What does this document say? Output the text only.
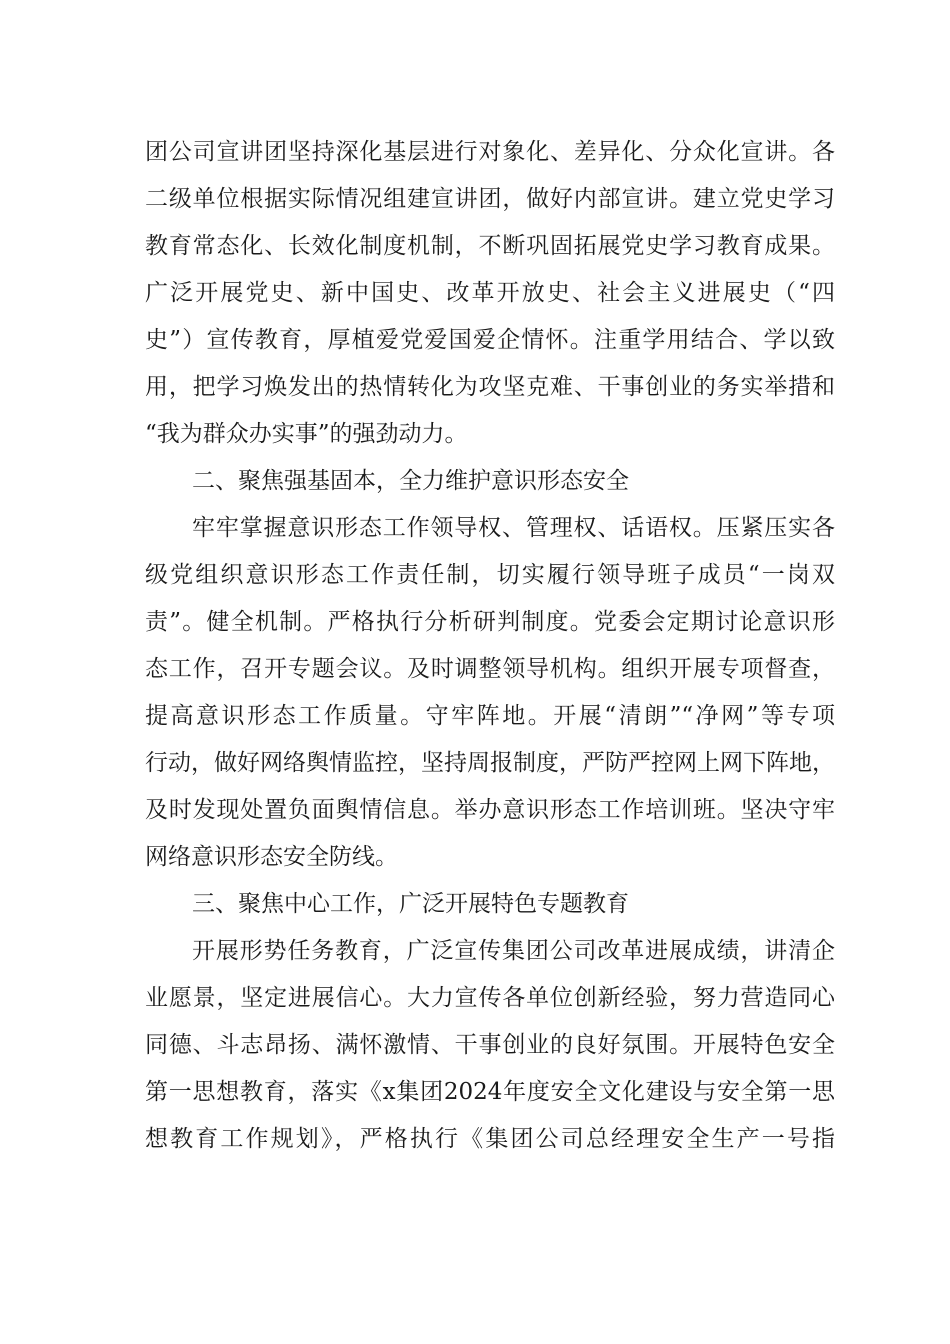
团公司宣讲团坚持深化基层进行对象化、差异化、分众化宣讲。各
二级单位根据实际情况组建宣讲团，做好内部宣讲。建立党史学习
教育常态化、长效化制度机制，不断巩固拓展党史学习教育成果。
广泛开展党史、新中国史、改革开放史、社会主义进展史（“四
史”）宣传教育，厚植爱党爱国爱企情怀。注重学用结合、学以致
用，把学习焕发出的热情转化为攻坚克难、干事创业的务实举措和
“我为群众办实事”的强劲动力。
二、聚焦强基固本，全力维护意识形态安全
牢牢掌握意识形态工作领导权、管理权、话语权。压紧压实各
级党组织意识形态工作责任制，切实履行领导班子成员“一岗双
责”。健全机制。严格执行分析研判制度。党委会定期讨论意识形
态工作，召开专题会议。及时调整领导机构。组织开展专项督查，
提高意识形态工作质量。守牢阵地。开展“清朗”“净网”等专项
行动，做好网络舆情监控，坚持周报制度，严防严控网上网下阵地，
及时发现处置负面舆情信息。举办意识形态工作培训班。坚决守牢
网络意识形态安全防线。
三、聚焦中心工作，广泛开展特色专题教育
开展形势任务教育，广泛宣传集团公司改革进展成绩，讲清企
业愿景，坚定进展信心。大力宣传各单位创新经验，努力营造同心
同德、斗志昂扬、满怀激情、干事创业的良好氛围。开展特色安全
第一思想教育，落实《x集团2024年度安全文化建设与安全第一思
想教育工作规划》，严格执行《集团公司总经理安全生产一号指
